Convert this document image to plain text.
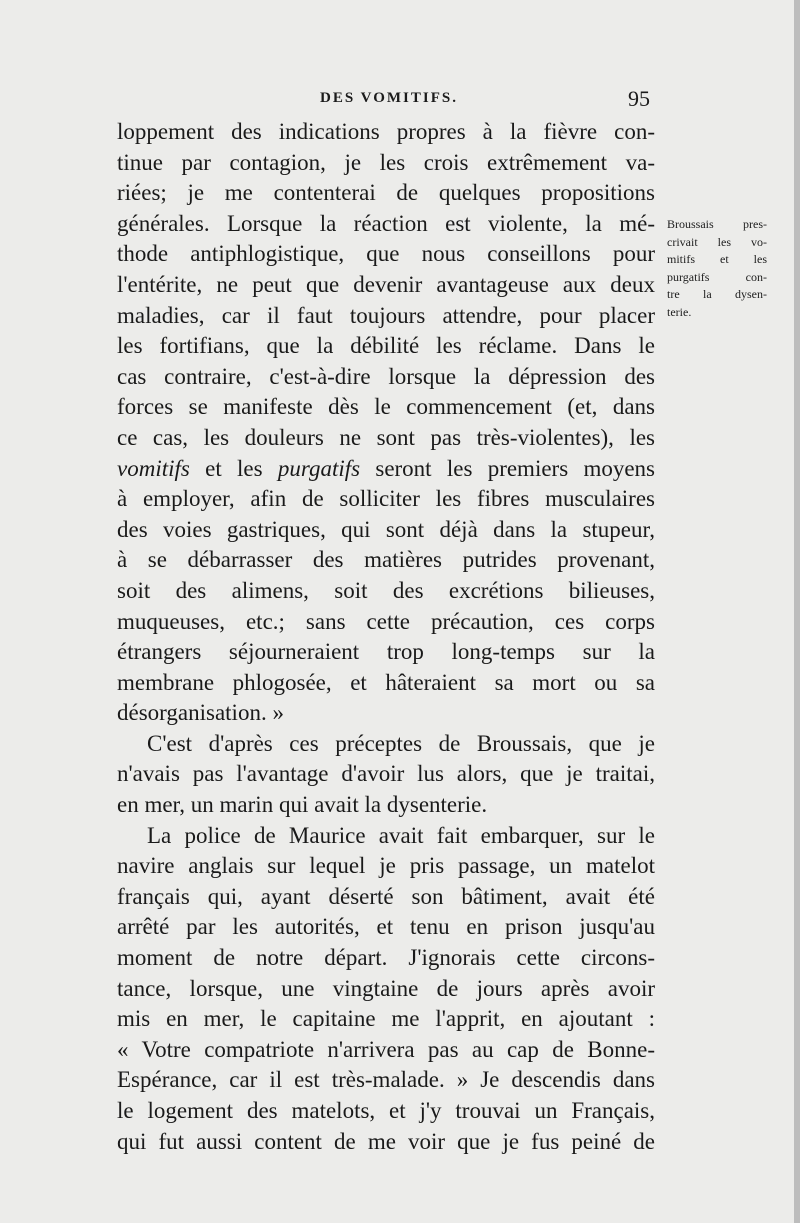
DES VOMITIFS.	95
loppement des indications propres à la fièvre con-
tinue par contagion, je les crois extrêmement va-
riées; je me contenterai de quelques propositions
générales. Lorsque la réaction est violente, la mé-
thode antiphlogistique, que nous conseillons pour
l'entérite, ne peut que devenir avantageuse aux deux
maladies, car il faut toujours attendre, pour placer
les fortifians, que la débilité les réclame. Dans le
cas contraire, c'est-à-dire lorsque la dépression des
forces se manifeste dès le commencement (et, dans
ce cas, les douleurs ne sont pas très-violentes), les
vomitifs et les purgatifs seront les premiers moyens
à employer, afin de solliciter les fibres musculaires
des voies gastriques, qui sont déjà dans la stupeur,
à se débarrasser des matières putrides provenant,
soit des alimens, soit des excrétions bilieuses,
muqueuses, etc.; sans cette précaution, ces corps
étrangers séjourneraient trop long-temps sur la
membrane phlogosée, et hâteraient sa mort ou sa
désorganisation. »
C'est d'après ces préceptes de Broussais, que je
n'avais pas l'avantage d'avoir lus alors, que je traitai,
en mer, un marin qui avait la dysenterie.
La police de Maurice avait fait embarquer, sur le
navire anglais sur lequel je pris passage, un matelot
français qui, ayant déserté son bâtiment, avait été
arrêté par les autorités, et tenu en prison jusqu'au
moment de notre départ. J'ignorais cette circons-
tance, lorsque, une vingtaine de jours après avoir
mis en mer, le capitaine me l'apprit, en ajoutant :
« Votre compatriote n'arrivera pas au cap de Bonne-
Espérance, car il est très-malade. » Je descendis dans
le logement des matelots, et j'y trouvai un Français,
qui fut aussi content de me voir que je fus peiné de
Broussais pres-
crivait les vo-
mitifs et les
purgatifs con-
tre la dysen-
terie.
